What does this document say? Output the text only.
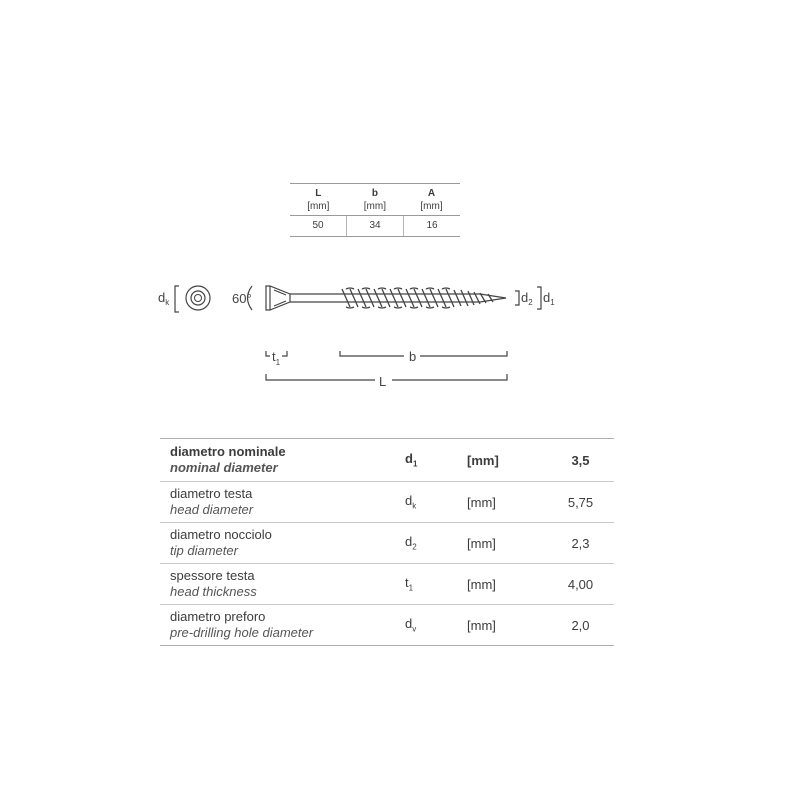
L	b	A
[mm]	[mm]	[mm]
50	34	16
$d_k$	60°	$d_2$ $d_1$
$t_1$	b
L
diametro nominale
nominal diameter
$d_1$	[mm]	3,5
diametro testa
head diameter
$d_k$	[mm]	5,75
diametro nocciolo
tip diameter
$d_2$	[mm]	2,3
spessore testa
head thickness
$t_1$	[mm]	4,00
diametro preforo
pre-drilling hole diameter
$d_v$	[mm]	2,0
